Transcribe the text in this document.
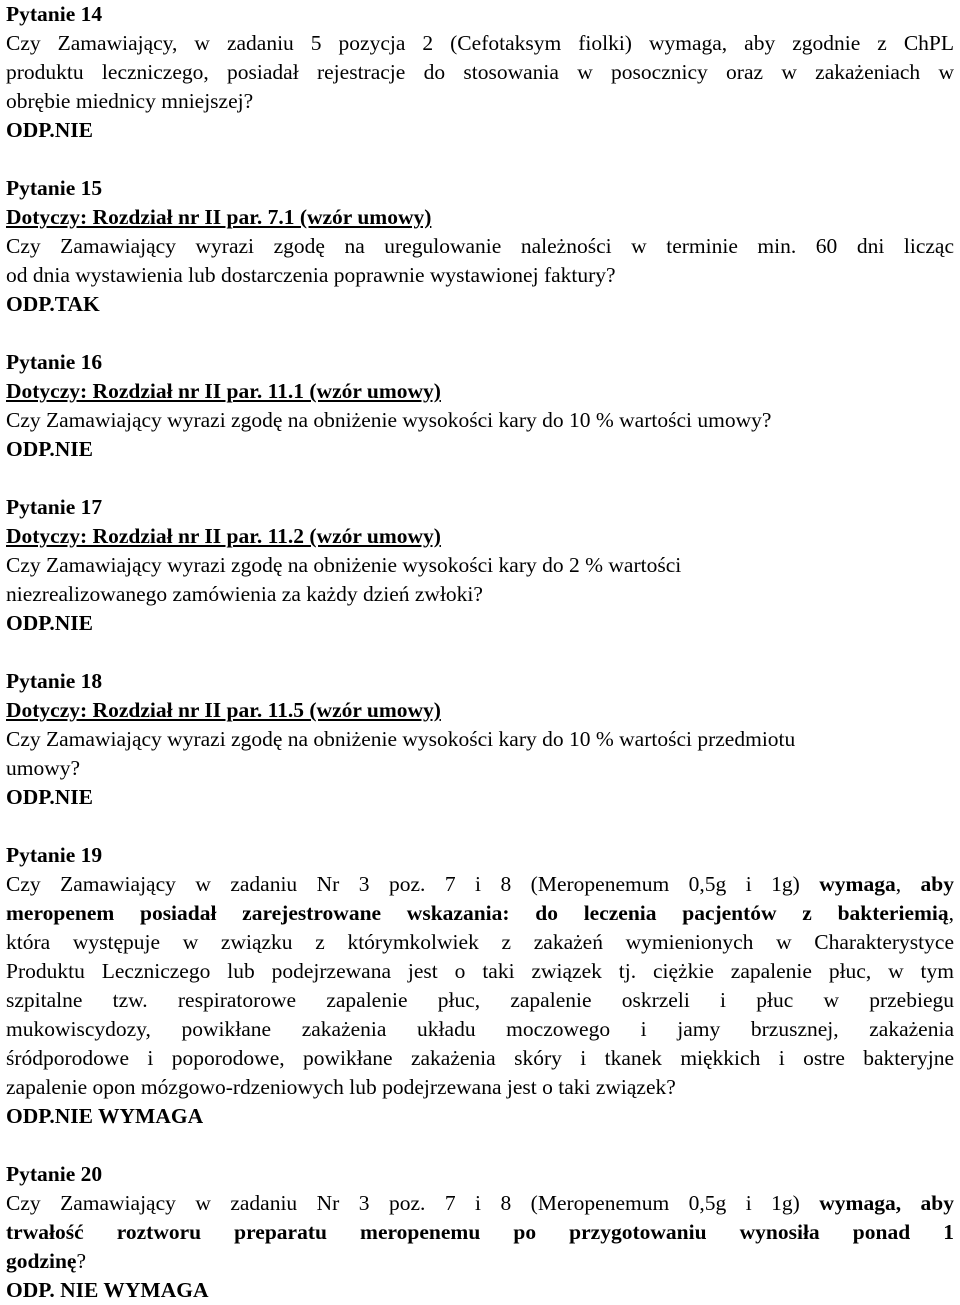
Pytanie 14
Czy Zamawiający, w zadaniu 5 pozycja 2 (Cefotaksym fiolki) wymaga, aby zgodnie z ChPL
produktu leczniczego, posiadał rejestracje do stosowania w posocznicy oraz w zakażeniach w
obrębie miednicy mniejszej?
ODP.NIE
Pytanie 15
Dotyczy: Rozdział nr II par. 7.1 (wzór umowy)
Czy Zamawiający wyrazi zgodę na uregulowanie należności w terminie min. 60 dni licząc
od dnia wystawienia lub dostarczenia poprawnie wystawionej faktury?
ODP.TAK
Pytanie 16
Dotyczy: Rozdział nr II par. 11.1 (wzór umowy)
Czy Zamawiający wyrazi zgodę na obniżenie wysokości kary do 10 % wartości umowy?
ODP.NIE
Pytanie 17
Dotyczy: Rozdział nr II par. 11.2 (wzór umowy)
Czy Zamawiający wyrazi zgodę na obniżenie wysokości kary do 2 % wartości
niezrealizowanego zamówienia za każdy dzień zwłoki?
ODP.NIE
Pytanie 18
Dotyczy: Rozdział nr II par. 11.5 (wzór umowy)
Czy Zamawiający wyrazi zgodę na obniżenie wysokości kary do 10 % wartości przedmiotu
umowy?
ODP.NIE
Pytanie 19
Czy Zamawiający w zadaniu Nr 3 poz. 7 i 8 (Meropenemum 0,5g i 1g) wymaga, aby
meropenem posiadał zarejestrowane wskazania: do leczenia pacjentów z bakteriemią,
która występuje w związku z którymkolwiek z zakażeń wymienionych w Charakterystyce
Produktu Leczniczego lub podejrzewana jest o taki związek tj. ciężkie zapalenie płuc, w tym
szpitalne tzw. respiratorowe zapalenie płuc, zapalenie oskrzeli i płuc w przebiegu
mukowiscydozy, powikłane zakażenia układu moczowego i jamy brzusznej, zakażenia
śródporodowe i poporodowe, powikłane zakażenia skóry i tkanek miękkich i ostre bakteryjne
zapalenie opon mózgowo-rdzeniowych lub podejrzewana jest o taki związek?
ODP.NIE WYMAGA
Pytanie 20
Czy Zamawiający w zadaniu Nr 3 poz. 7 i 8 (Meropenemum 0,5g i 1g) wymaga, aby
trwałość roztworu preparatu meropenemu po przygotowaniu wynosiła ponad 1
godzinę?
ODP. NIE WYMAGA
